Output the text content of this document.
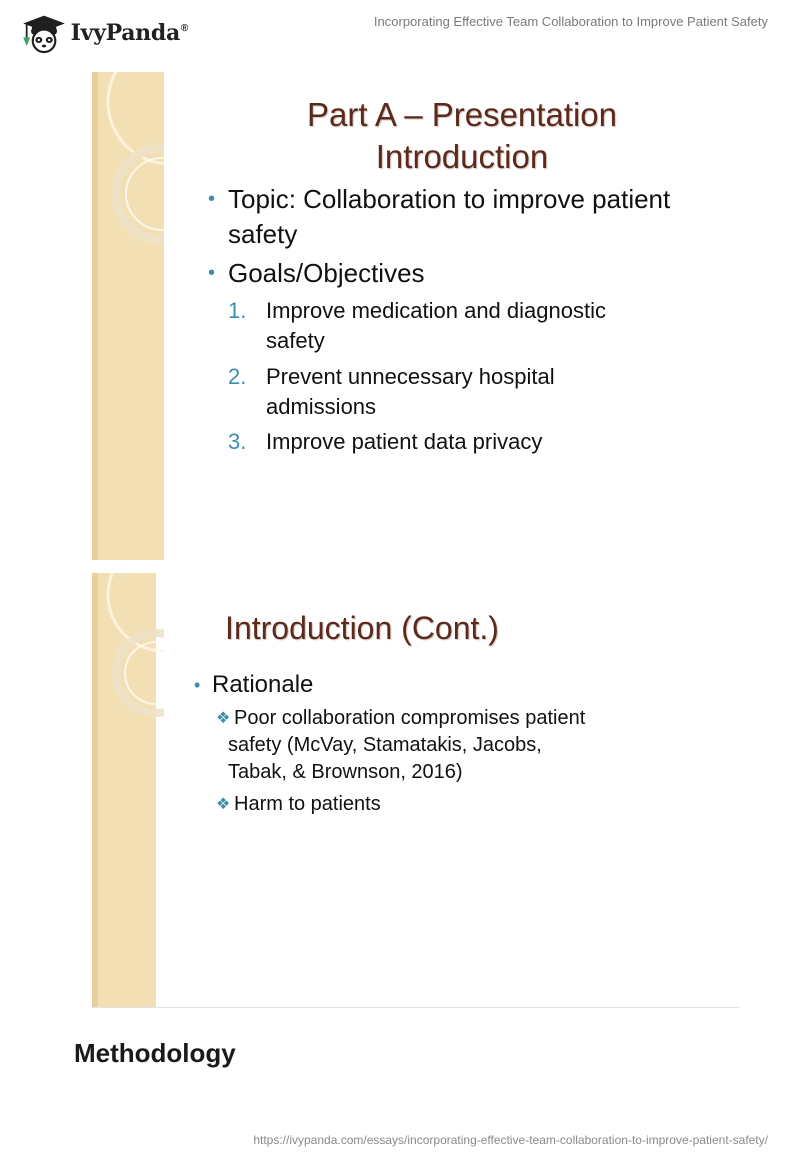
IvyPanda®	Incorporating Effective Team Collaboration to Improve Patient Safety
Part A – Presentation
Introduction
• Topic: Collaboration to improve patient
safety
• Goals/Objectives
1. Improve medication and diagnostic
safety
2. Prevent unnecessary hospital
admissions
3. Improve patient data privacy
Introduction (Cont.)
• Rationale
❖ Poor collaboration compromises patient
safety (McVay, Stamatakis, Jacobs,
Tabak, & Brownson, 2016)
❖ Harm to patients
Methodology
https://ivypanda.com/essays/incorporating-effective-team-collaboration-to-improve-patient-safety/
